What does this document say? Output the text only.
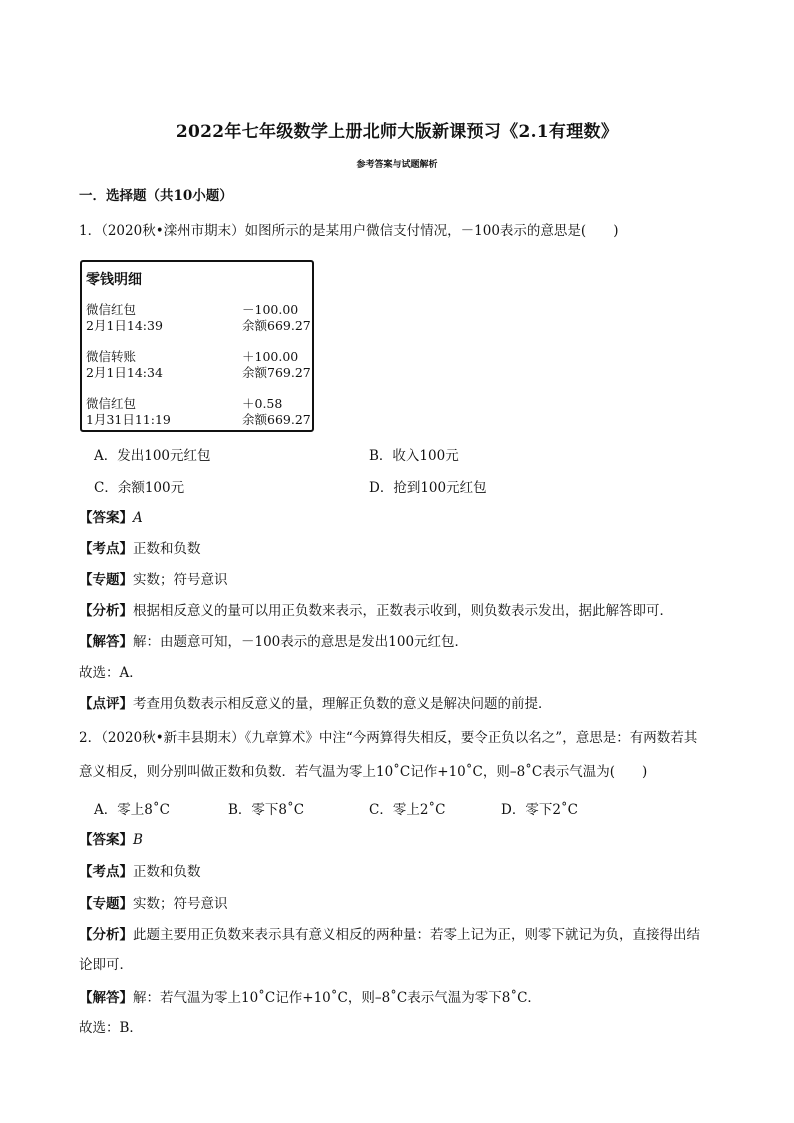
2022年七年级数学上册北师大版新课预习《2.1有理数》
参考答案与试题解析
一．选择题（共10小题）
1．（2020秋•滦州市期末）如图所示的是某用户微信支付情况，－100表示的意思是(　　)
零钱明细
微信红包	－100.00
2月1日14:39	余额669.27
微信转账	＋100.00
2月1日14:34	余额769.27
微信红包	＋0.58
1月31日11:19	余额669.27
A．发出100元红包	B．收入100元
C．余额100元	D．抢到100元红包
【答案】A
【考点】正数和负数
【专题】实数；符号意识
【分析】根据相反意义的量可以用正负数来表示，正数表示收到，则负数表示发出，据此解答即可．
【解答】解：由题意可知，－100表示的意思是发出100元红包．
故选：A．
【点评】考查用负数表示相反意义的量，理解正负数的意义是解决问题的前提．
2．（2020秋•新丰县期末）《九章算术》中注“今两算得失相反，要令正负以名之”，意思是：有两数若其
意义相反，则分别叫做正数和负数．若气温为零上10˚C记作+10˚C，则–8˚C表示气温为(　　)
A．零上8˚C	B．零下8˚C	C．零上2˚C	D．零下2˚C
【答案】B
【考点】正数和负数
【专题】实数；符号意识
【分析】此题主要用正负数来表示具有意义相反的两种量：若零上记为正，则零下就记为负，直接得出结
论即可．
【解答】解：若气温为零上10˚C记作+10˚C，则–8˚C表示气温为零下8˚C．
故选：B．
